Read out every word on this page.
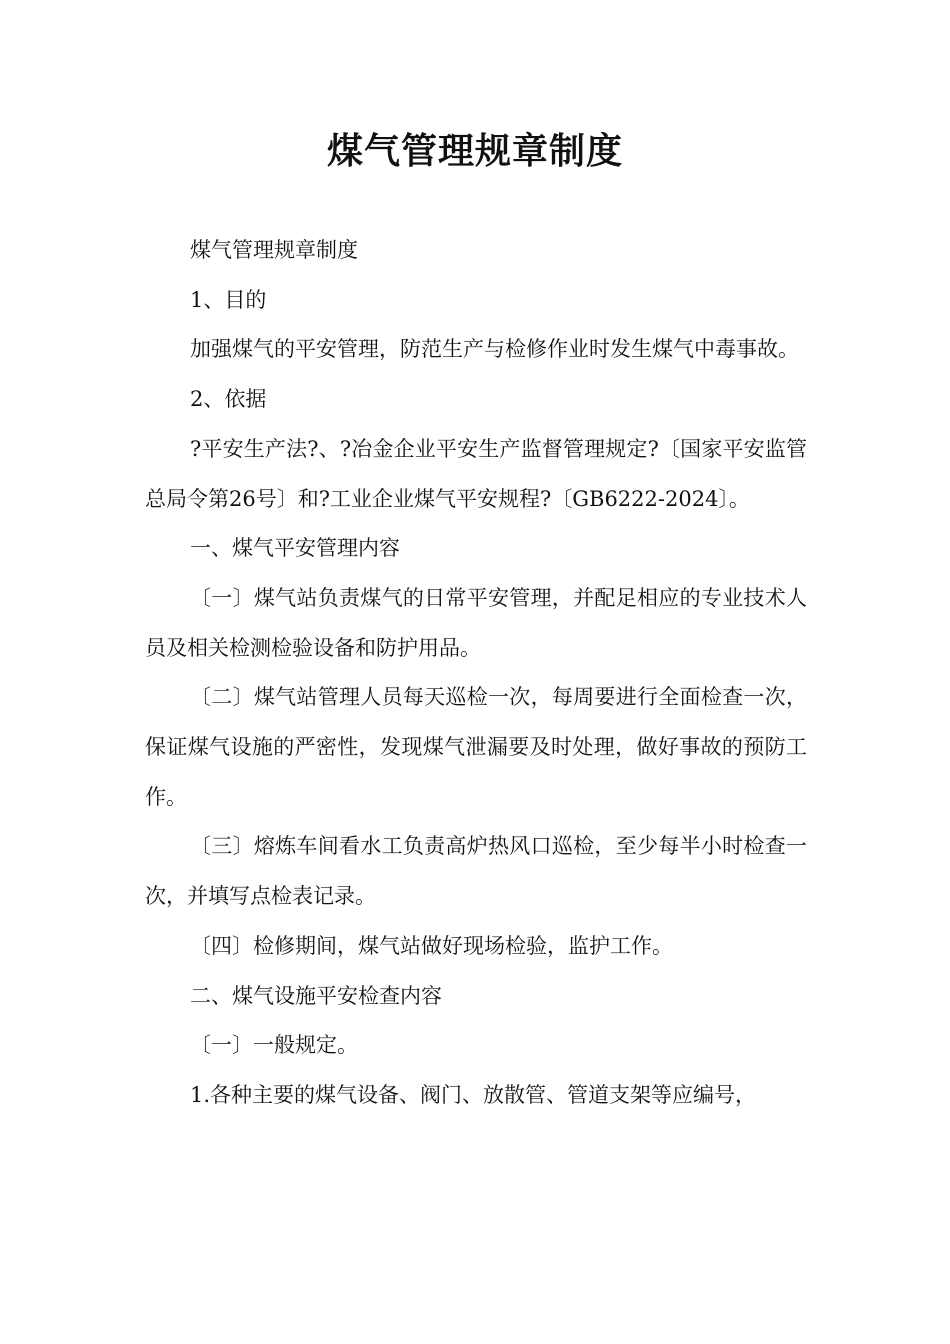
煤气管理规章制度

煤气管理规章制度

1、目的

加强煤气的平安管理，防范生产与检修作业时发生煤气中毒事故。

2、依据

?平安生产法?、?冶金企业平安生产监督管理规定?〔国家平安监管总局令第26号〕和?工业企业煤气平安规程?〔GB6222-2024〕。

一、煤气平安管理内容

〔一〕煤气站负责煤气的日常平安管理，并配足相应的专业技术人员及相关检测检验设备和防护用品。

〔二〕煤气站管理人员每天巡检一次，每周要进行全面检查一次，保证煤气设施的严密性，发现煤气泄漏要及时处理，做好事故的预防工作。

〔三〕熔炼车间看水工负责高炉热风口巡检，至少每半小时检查一次，并填写点检表记录。

〔四〕检修期间，煤气站做好现场检验，监护工作。

二、煤气设施平安检查内容

〔一〕一般规定。

1.各种主要的煤气设备、阀门、放散管、管道支架等应编号，
